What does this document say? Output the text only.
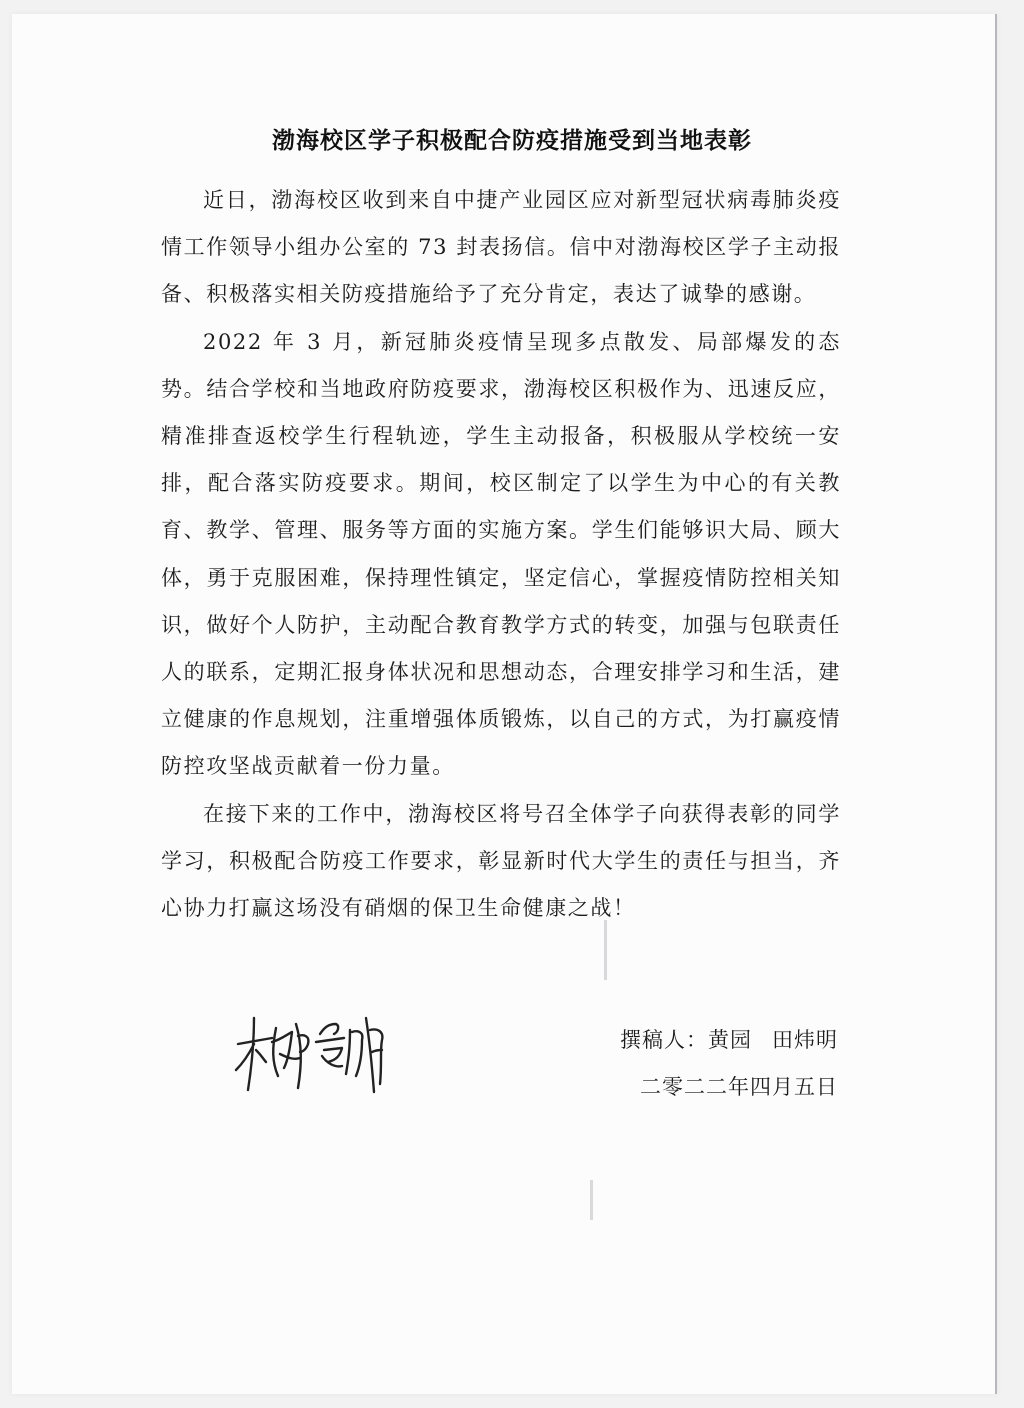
渤海校区学子积极配合防疫措施受到当地表彰

近日，渤海校区收到来自中捷产业园区应对新型冠状病毒肺炎疫情工作领导小组办公室的 73 封表扬信。信中对渤海校区学子主动报备、积极落实相关防疫措施给予了充分肯定，表达了诚挚的感谢。

2022 年 3 月，新冠肺炎疫情呈现多点散发、局部爆发的态势。结合学校和当地政府防疫要求，渤海校区积极作为、迅速反应，精准排查返校学生行程轨迹，学生主动报备，积极服从学校统一安排，配合落实防疫要求。期间，校区制定了以学生为中心的有关教育、教学、管理、服务等方面的实施方案。学生们能够识大局、顾大体，勇于克服困难，保持理性镇定，坚定信心，掌握疫情防控相关知识，做好个人防护，主动配合教育教学方式的转变，加强与包联责任人的联系，定期汇报身体状况和思想动态，合理安排学习和生活，建立健康的作息规划，注重增强体质锻炼，以自己的方式，为打赢疫情防控攻坚战贡献着一份力量。

在接下来的工作中，渤海校区将号召全体学子向获得表彰的同学学习，积极配合防疫工作要求，彰显新时代大学生的责任与担当，齐心协力打赢这场没有硝烟的保卫生命健康之战！

撰稿人：黄园 田炜明
二零二二年四月五日
